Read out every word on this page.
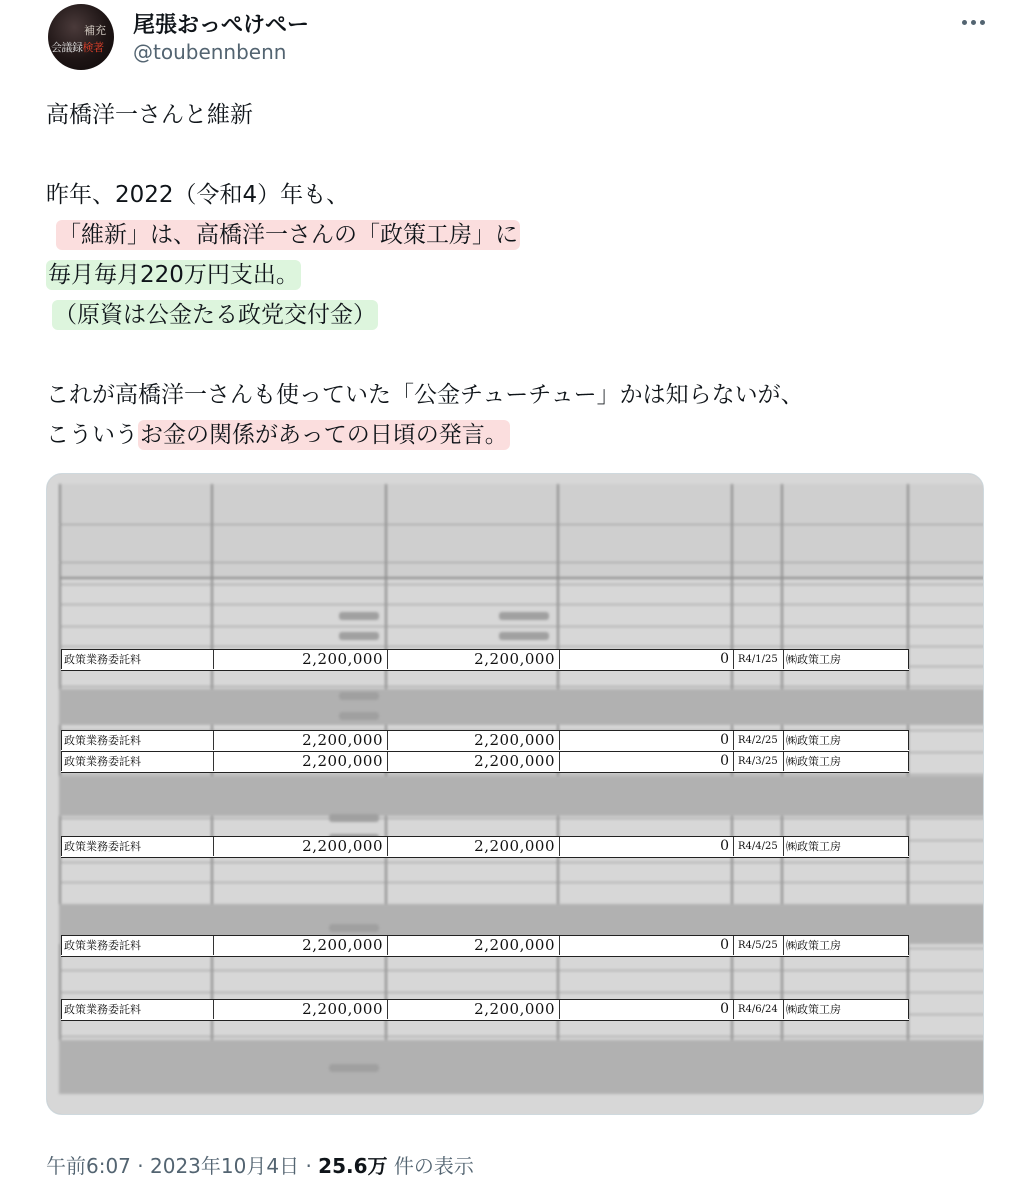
補充
会議録検著
尾張おっぺけペー
@toubennbenn
高橋洋一さんと維新
昨年、2022（令和4）年も、
「維新」は、高橋洋一さんの「政策工房」に
毎月毎月220万円支出。
（原資は公金たる政党交付金）
これが高橋洋一さんも使っていた「公金チューチュー」かは知らないが、
こういうお金の関係があっての日頃の発言。
政策業務委託料	2,200,000	2,200,000	0 R4/1/25 ㈱政策工房
政策業務委託料	2,200,000	2,200,000	0 R4/2/25 ㈱政策工房
政策業務委託料	2,200,000	2,200,000	0 R4/3/25 ㈱政策工房
政策業務委託料	2,200,000	2,200,000	0 R4/4/25 ㈱政策工房
政策業務委託料	2,200,000	2,200,000	0 R4/5/25 ㈱政策工房
政策業務委託料	2,200,000	2,200,000	0 R4/6/24 ㈱政策工房
午前6:07 · 2023年10月4日 · 25.6万 件の表示
